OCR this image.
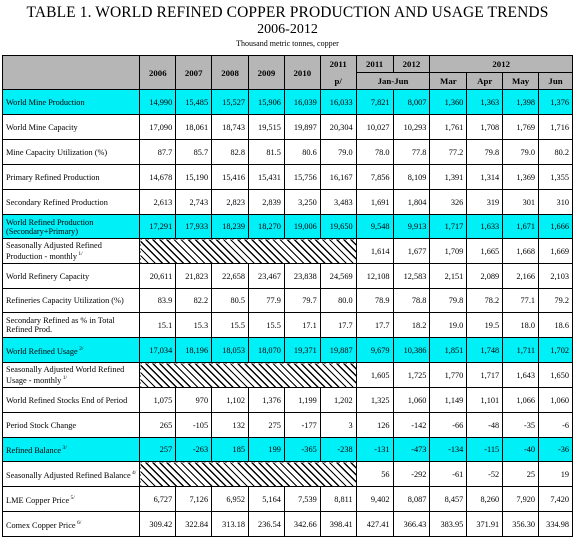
TABLE 1. WORLD REFINED COPPER PRODUCTION AND USAGE TRENDS
2006-2012
Thousand metric tonnes, copper
	2006	2007	2008	2009	2010	2011	2011	2012	2012			
						p/	Jan-Jun		Mar	Apr	May	Jun
World Mine Production	14,990	15,485	15,527	15,906	16,039	16,033	7,821	8,007	1,360	1,363	1,398	1,376
World Mine Capacity	17,090	18,061	18,743	19,515	19,897	20,304	10,027	10,293	1,761	1,708	1,769	1,716
Mine Capacity Utilization (%)	87.7	85.7	82.8	81.5	80.6	79.0	78.0	77.8	77.2	79.8	79.0	80.2
Primary Refined Production	14,678	15,190	15,416	15,431	15,756	16,167	7,856	8,109	1,391	1,314	1,369	1,355
Secondary Refined Production	2,613	2,743	2,823	2,839	3,250	3,483	1,691	1,804	326	319	301	310
World Refined Production (Secondary+Primary)	17,291	17,933	18,239	18,270	19,006	19,650	9,548	9,913	1,717	1,633	1,671	1,666
Seasonally Adjusted Refined Production - monthly $^{1/}$							1,614	1,677	1,709	1,665	1,668	1,669
World Refinery Capacity	20,611	21,823	22,658	23,467	23,838	24,569	12,108	12,583	2,151	2,089	2,166	2,103
Refineries Capacity Utilization (%)	83.9	82.2	80.5	77.9	79.7	80.0	78.9	78.8	79.8	78.2	77.1	79.2
Secondary Refined as % in Total Refined Prod.	15.1	15.3	15.5	15.5	17.1	17.7	17.7	18.2	19.0	19.5	18.0	18.6
World Refined Usage $^{2/}$	17,034	18,196	18,053	18,070	19,371	19,887	9,679	10,386	1,851	1,748	1,711	1,702
Seasonally Adjusted World Refined Usage - monthly $^{1/}$							1,605	1,725	1,770	1,717	1,643	1,650
World Refined Stocks End of Period	1,075	970	1,102	1,376	1,199	1,202	1,325	1,060	1,149	1,101	1,066	1,060
Period Stock Change	265	-105	132	275	-177	3	126	-142	-66	-48	-35	-6
Refined Balance $^{3/}$	257	-263	185	199	-365	-238	-131	-473	-134	-115	-40	-36
Seasonally Adjusted Refined Balance $^{4/}$							56	-292	-61	-52	25	19
LME Copper Price $^{5/}$	6,727	7,126	6,952	5,164	7,539	8,811	9,402	8,087	8,457	8,260	7,920	7,420
Comex Copper Price $^{6/}$	309.42	322.84	313.18	236.54	342.66	398.41	427.41	366.43	383.95	371.91	356.30	334.98
